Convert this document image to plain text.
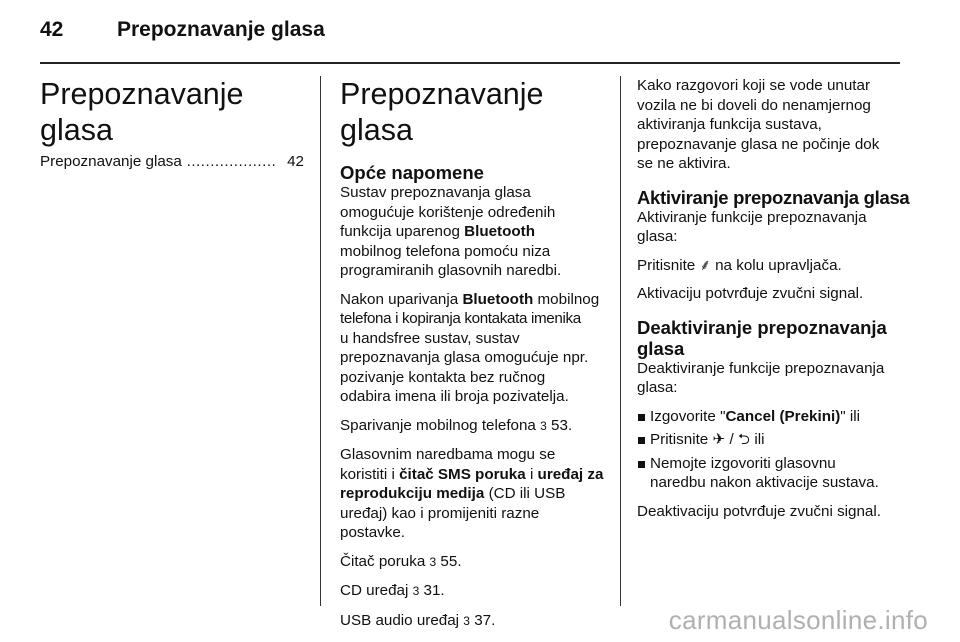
42	Prepoznavanje glasa
Prepoznavanje glasa
Prepoznavanje glasa ................... 42
Prepoznavanje glasa
Opće napomene

Sustav prepoznavanja glasa
omogućuje korištenje određenih
funkcija uparenog Bluetooth
mobilnog telefona pomoću niza
programiranih glasovnih naredbi.

Nakon uparivanja Bluetooth mobilnog
telefona i kopiranja kontakata imenika
u handsfree sustav, sustav
prepoznavanja glasa omogućuje npr.
pozivanje kontakta bez ručnog
odabira imena ili broja pozivatelja.

Sparivanje mobilnog telefona 3 53.

Glasovnim naredbama mogu se
koristiti i čitač SMS poruka i uređaj za
reprodukciju medija (CD ili USB
uređaj) kao i promijeniti razne
postavke.

Čitač poruka 3 55.

CD uređaj 3 31.

USB audio uređaj 3 37.

Kako razgovori koji se vode unutar
vozila ne bi doveli do nenamjernog
aktiviranja funkcija sustava,
prepoznavanje glasa ne počinje dok
se ne aktivira.

Aktiviranje prepoznavanja glasa

Aktiviranje funkcije prepoznavanja
glasa:

Pritisnite ⸙ na kolu upravljača.

Aktivaciju potvrđuje zvučni signal.

Deaktiviranje prepoznavanja
glasa

Deaktiviranje funkcije prepoznavanja
glasa:

Izgovorite "Cancel (Prekini)" ili
Pritisnite ✈ / ⮌ ili
Nemojte izgovoriti glasovnu
naredbu nakon aktivacije sustava.

Deaktivaciju potvrđuje zvučni signal.

carmanualsonline.info
